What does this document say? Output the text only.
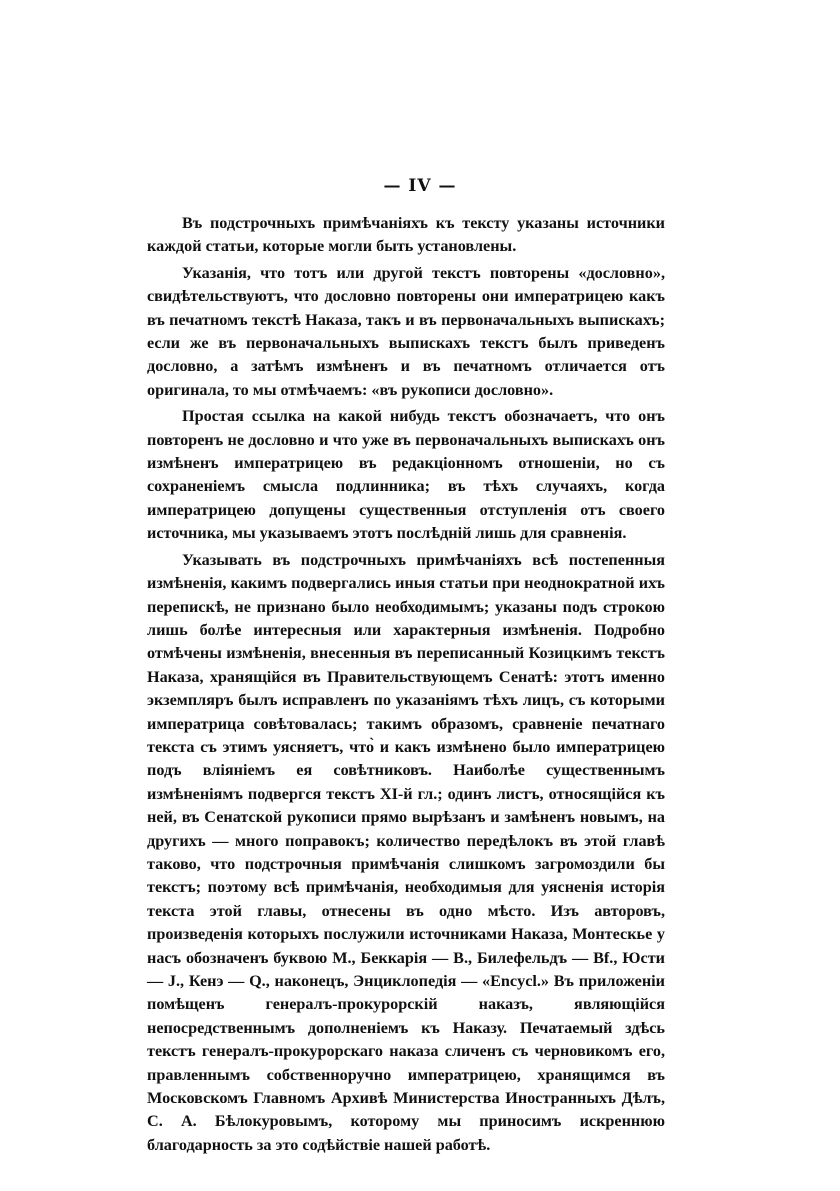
— IV —

Въ подстрочныхъ примѣчаніяхъ къ тексту указаны источники каждой статьи, которые могли быть установлены.

Указанія, что тотъ или другой текстъ повторены «дословно», свидѣтельствуютъ, что дословно повторены они императрицею какъ въ печатномъ текстѣ Наказа, такъ и въ первоначальныхъ выпискахъ; если же въ первоначальныхъ выпискахъ текстъ былъ приведенъ дословно, а затѣмъ измѣненъ и въ печатномъ отличается отъ оригинала, то мы отмѣчаемъ: «въ рукописи дословно».

Простая ссылка на какой нибудь текстъ обозначаетъ, что онъ повторенъ не дословно и что уже въ первоначальныхъ выпискахъ онъ измѣненъ императрицею въ редакціонномъ отношеніи, но съ сохраненіемъ смысла подлинника; въ тѣхъ случаяхъ, когда императрицею допущены существенныя отступленія отъ своего источника, мы указываемъ этотъ послѣдній лишь для сравненія.

Указывать въ подстрочныхъ примѣчаніяхъ всѣ постепенныя измѣненія, какимъ подвергались иныя статьи при неоднократной ихъ перепискѣ, не признано было необходимымъ; указаны подъ строкою лишь болѣе интересныя или характерныя измѣненія. Подробно отмѣчены измѣненія, внесенныя въ переписанный Козицкимъ текстъ Наказа, хранящійся въ Правительствующемъ Сенатѣ: этотъ именно экземпляръ былъ исправленъ по указаніямъ тѣхъ лицъ, съ которыми императрица совѣтовалась; такимъ образомъ, сравненіе печатнаго текста съ этимъ уясняетъ, что̀ и какъ измѣнено было императрицею подъ вліяніемъ ея совѣтниковъ. Наиболѣе существеннымъ измѣненіямъ подвергся текстъ XI-й гл.; одинъ листъ, относящійся къ ней, въ Сенатской рукописи прямо вырѣзанъ и замѣненъ новымъ, на другихъ — много поправокъ; количество передѣлокъ въ этой главѣ таково, что подстрочныя примѣчанія слишкомъ загромоздили бы текстъ; поэтому всѣ примѣчанія, необходимыя для уясненія исторія текста этой главы, отнесены въ одно мѣсто. Изъ авторовъ, произведенія которыхъ послужили источниками Наказа, Монтескье у насъ обозначенъ буквою М., Беккарія — В., Билефельдъ — Bf., Юсти — J., Кенэ — Q., наконецъ, Энциклопедія — «Encycl.» Въ приложеніи помѣщенъ генералъ-прокурорскій наказъ, являющійся непосредственнымъ дополненіемъ къ Наказу. Печатаемый здѣсь текстъ генералъ-прокурорскаго наказа сличенъ съ черновикомъ его, правленнымъ собственноручно императрицею, хранящимся въ Московскомъ Главномъ Архивѣ Министерства Иностранныхъ Дѣлъ, С. А. Бѣлокуровымъ, которому мы приносимъ искреннюю благодарность за это содѣйствіе нашей работѣ.
